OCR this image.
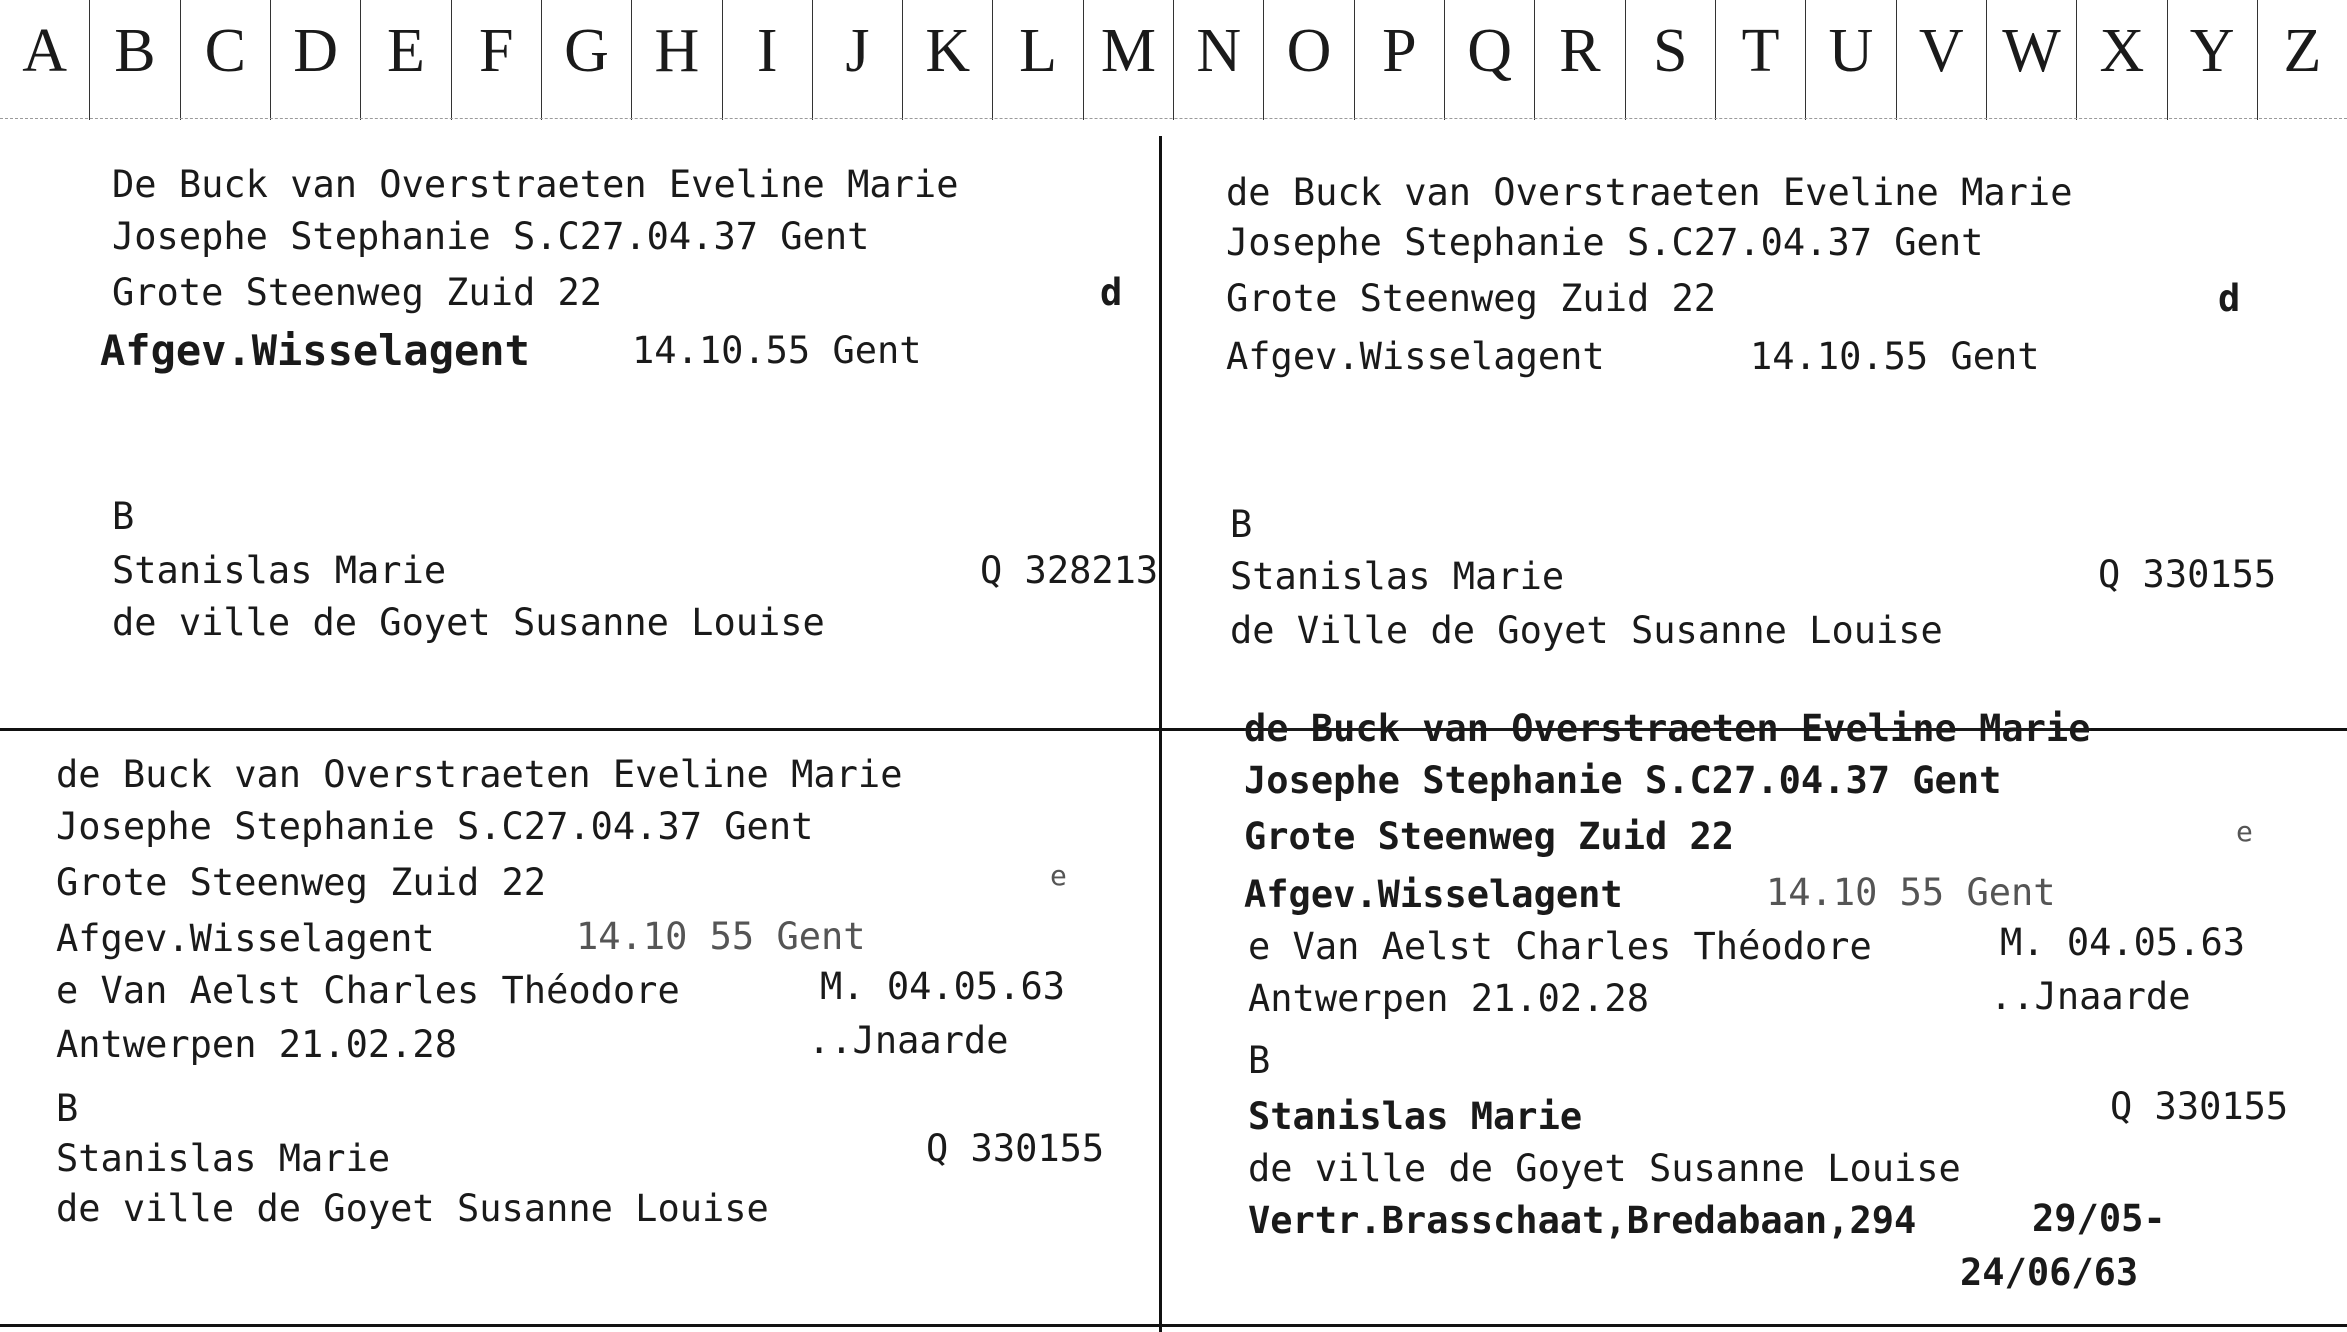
A B C D E F G H I	J K L M N O P Q R S T U V W X Y Z
De Buck van Overstraeten Eveline Marie
Josephe Stephanie S.C27.04.37 Gent
Grote Steenweg Zuid 22	d
Afgev.Wisselagent	14.10.55 Gent
B
Stanislas Marie	Q 328213
de ville de Goyet Susanne Louise
de Buck van Overstraeten Eveline Marie
Josephe Stephanie S.C27.04.37 Gent
Grote Steenweg Zuid 22	d
Afgev.Wisselagent	14.10.55 Gent
B
Stanislas Marie	Q 330155
de Ville de Goyet Susanne Louise
de Buck van Overstraeten Eveline Marie
Josephe Stephanie S.C27.04.37 Gent
Grote Steenweg Zuid 22	e
Afgev.Wisselagent	14.10 55 Gent
e Van Aelst Charles Théodore	M. 04.05.63
Antwerpen 21.02.28	..Jnaarde
B
Stanislas Marie	Q 330155
de ville de Goyet Susanne Louise
de Buck van Overstraeten Eveline Marie
Josephe Stephanie S.C27.04.37 Gent
Grote Steenweg Zuid 22	e
Afgev.Wisselagent	14.10 55 Gent
e Van Aelst Charles Théodore	M. 04.05.63
Antwerpen 21.02.28	..Jnaarde
B
Stanislas Marie	Q 330155
de ville de Goyet Susanne Louise
Vertr.Brasschaat,Bredabaan,294	29/05-
24/06/63
